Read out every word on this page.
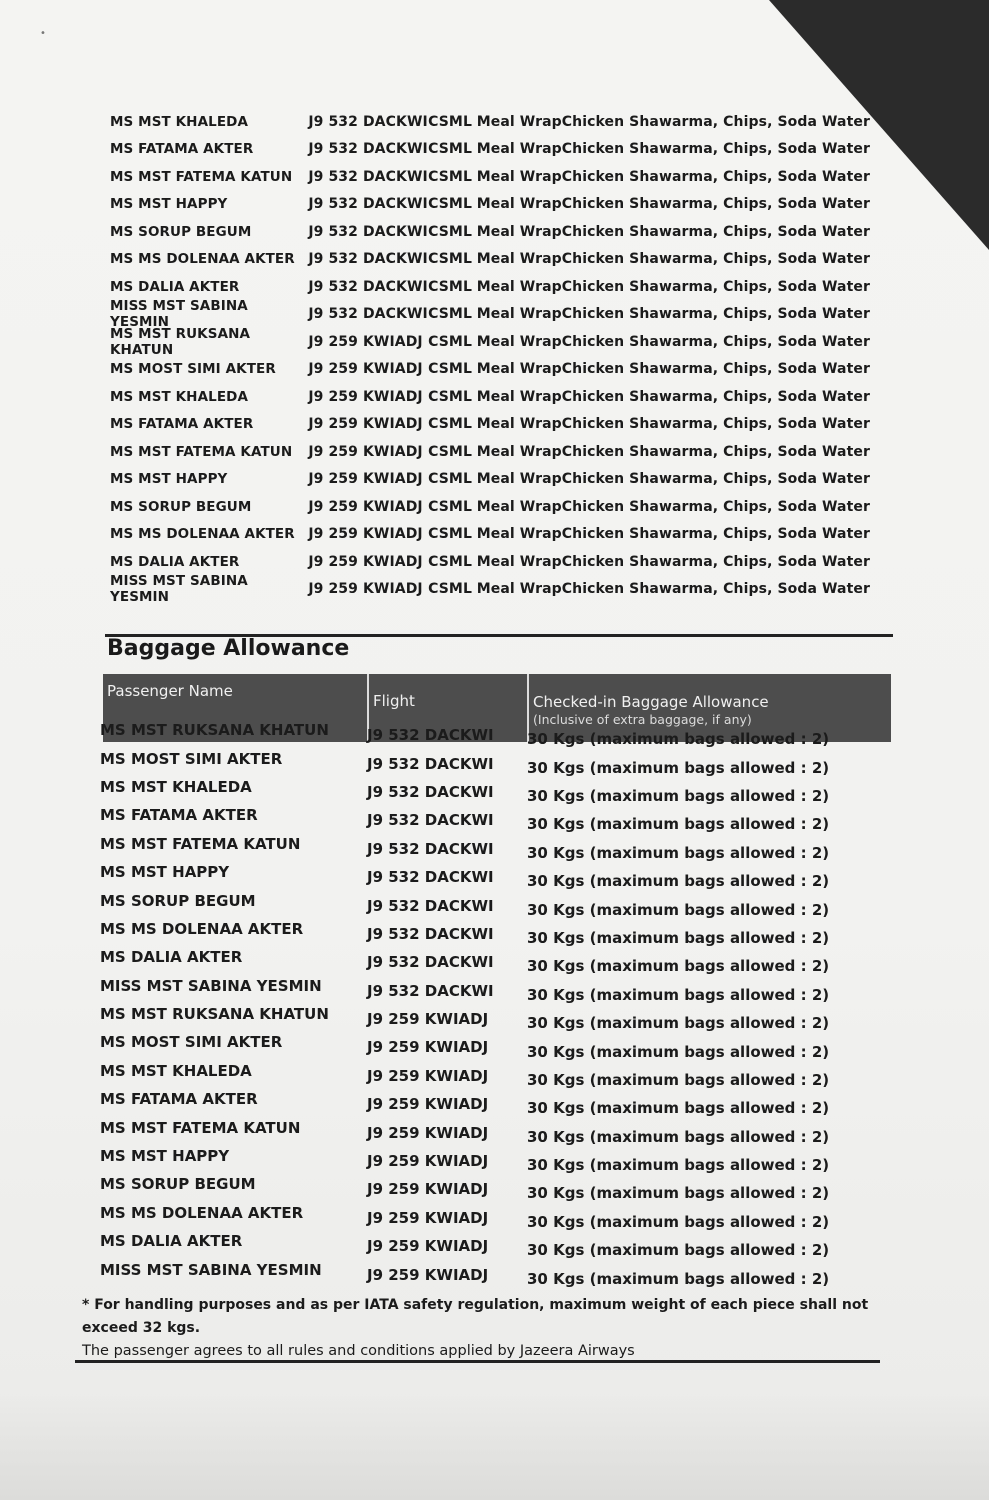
•
MS MST KHALEDA	J9 532 DACKWI CSML Meal WrapChicken Shawarma, Chips, Soda Water
MS FATAMA AKTER	J9 532 DACKWI CSML Meal WrapChicken Shawarma, Chips, Soda Water
MS MST FATEMA KATUN	J9 532 DACKWI CSML Meal WrapChicken Shawarma, Chips, Soda Water
MS MST HAPPY	J9 532 DACKWI CSML Meal WrapChicken Shawarma, Chips, Soda Water
MS SORUP BEGUM	J9 532 DACKWI CSML Meal WrapChicken Shawarma, Chips, Soda Water
MS MS DOLENAA AKTER J9 532 DACKWI CSML Meal WrapChicken Shawarma, Chips, Soda Water
MS DALIA AKTER	J9 532 DACKWI CSML Meal WrapChicken Shawarma, Chips, Soda Water
MISS MST SABINA YESMIN	J9 532 DACKWI CSML Meal WrapChicken Shawarma, Chips, Soda Water
MS MST RUKSANA KHATUN	J9 259 KWIADJ CSML Meal WrapChicken Shawarma, Chips, Soda Water
MS MOST SIMI AKTER	J9 259 KWIADJ CSML Meal WrapChicken Shawarma, Chips, Soda Water
MS MST KHALEDA	J9 259 KWIADJ CSML Meal WrapChicken Shawarma, Chips, Soda Water
MS FATAMA AKTER	J9 259 KWIADJ CSML Meal WrapChicken Shawarma, Chips, Soda Water
MS MST FATEMA KATUN	J9 259 KWIADJ CSML Meal WrapChicken Shawarma, Chips, Soda Water
MS MST HAPPY	J9 259 KWIADJ CSML Meal WrapChicken Shawarma, Chips, Soda Water
MS SORUP BEGUM	J9 259 KWIADJ CSML Meal WrapChicken Shawarma, Chips, Soda Water
MS MS DOLENAA AKTER J9 259 KWIADJ CSML Meal WrapChicken Shawarma, Chips, Soda Water
MS DALIA AKTER	J9 259 KWIADJ CSML Meal WrapChicken Shawarma, Chips, Soda Water
MISS MST SABINA YESMIN	J9 259 KWIADJ CSML Meal WrapChicken Shawarma, Chips, Soda Water
Baggage Allowance
Passenger Name
Flight	Checked-in Baggage Allowance
(Inclusive of extra baggage, if any)
MS MST RUKSANA KHATUN	J9 532 DACKWI	30 Kgs (maximum bags allowed : 2)
MS MOST SIMI AKTER	J9 532 DACKWI	30 Kgs (maximum bags allowed : 2)
MS MST KHALEDA	J9 532 DACKWI	30 Kgs (maximum bags allowed : 2)
MS FATAMA AKTER	J9 532 DACKWI	30 Kgs (maximum bags allowed : 2)
MS MST FATEMA KATUN	J9 532 DACKWI	30 Kgs (maximum bags allowed : 2)
MS MST HAPPY	J9 532 DACKWI	30 Kgs (maximum bags allowed : 2)
MS SORUP BEGUM	J9 532 DACKWI	30 Kgs (maximum bags allowed : 2)
MS MS DOLENAA AKTER	J9 532 DACKWI	30 Kgs (maximum bags allowed : 2)
MS DALIA AKTER	J9 532 DACKWI	30 Kgs (maximum bags allowed : 2)
MISS MST SABINA YESMIN	J9 532 DACKWI	30 Kgs (maximum bags allowed : 2)
MS MST RUKSANA KHATUN	J9 259 KWIADJ	30 Kgs (maximum bags allowed : 2)
MS MOST SIMI AKTER	J9 259 KWIADJ	30 Kgs (maximum bags allowed : 2)
MS MST KHALEDA	J9 259 KWIADJ	30 Kgs (maximum bags allowed : 2)
MS FATAMA AKTER	J9 259 KWIADJ	30 Kgs (maximum bags allowed : 2)
MS MST FATEMA KATUN	J9 259 KWIADJ	30 Kgs (maximum bags allowed : 2)
MS MST HAPPY	J9 259 KWIADJ	30 Kgs (maximum bags allowed : 2)
MS SORUP BEGUM	J9 259 KWIADJ	30 Kgs (maximum bags allowed : 2)
MS MS DOLENAA AKTER	J9 259 KWIADJ	30 Kgs (maximum bags allowed : 2)
MS DALIA AKTER	J9 259 KWIADJ	30 Kgs (maximum bags allowed : 2)
MISS MST SABINA YESMIN	J9 259 KWIADJ	30 Kgs (maximum bags allowed : 2)
* For handling purposes and as per IATA safety regulation, maximum weight of each piece shall not exceed 32 kgs.
The passenger agrees to all rules and conditions applied by Jazeera Airways
